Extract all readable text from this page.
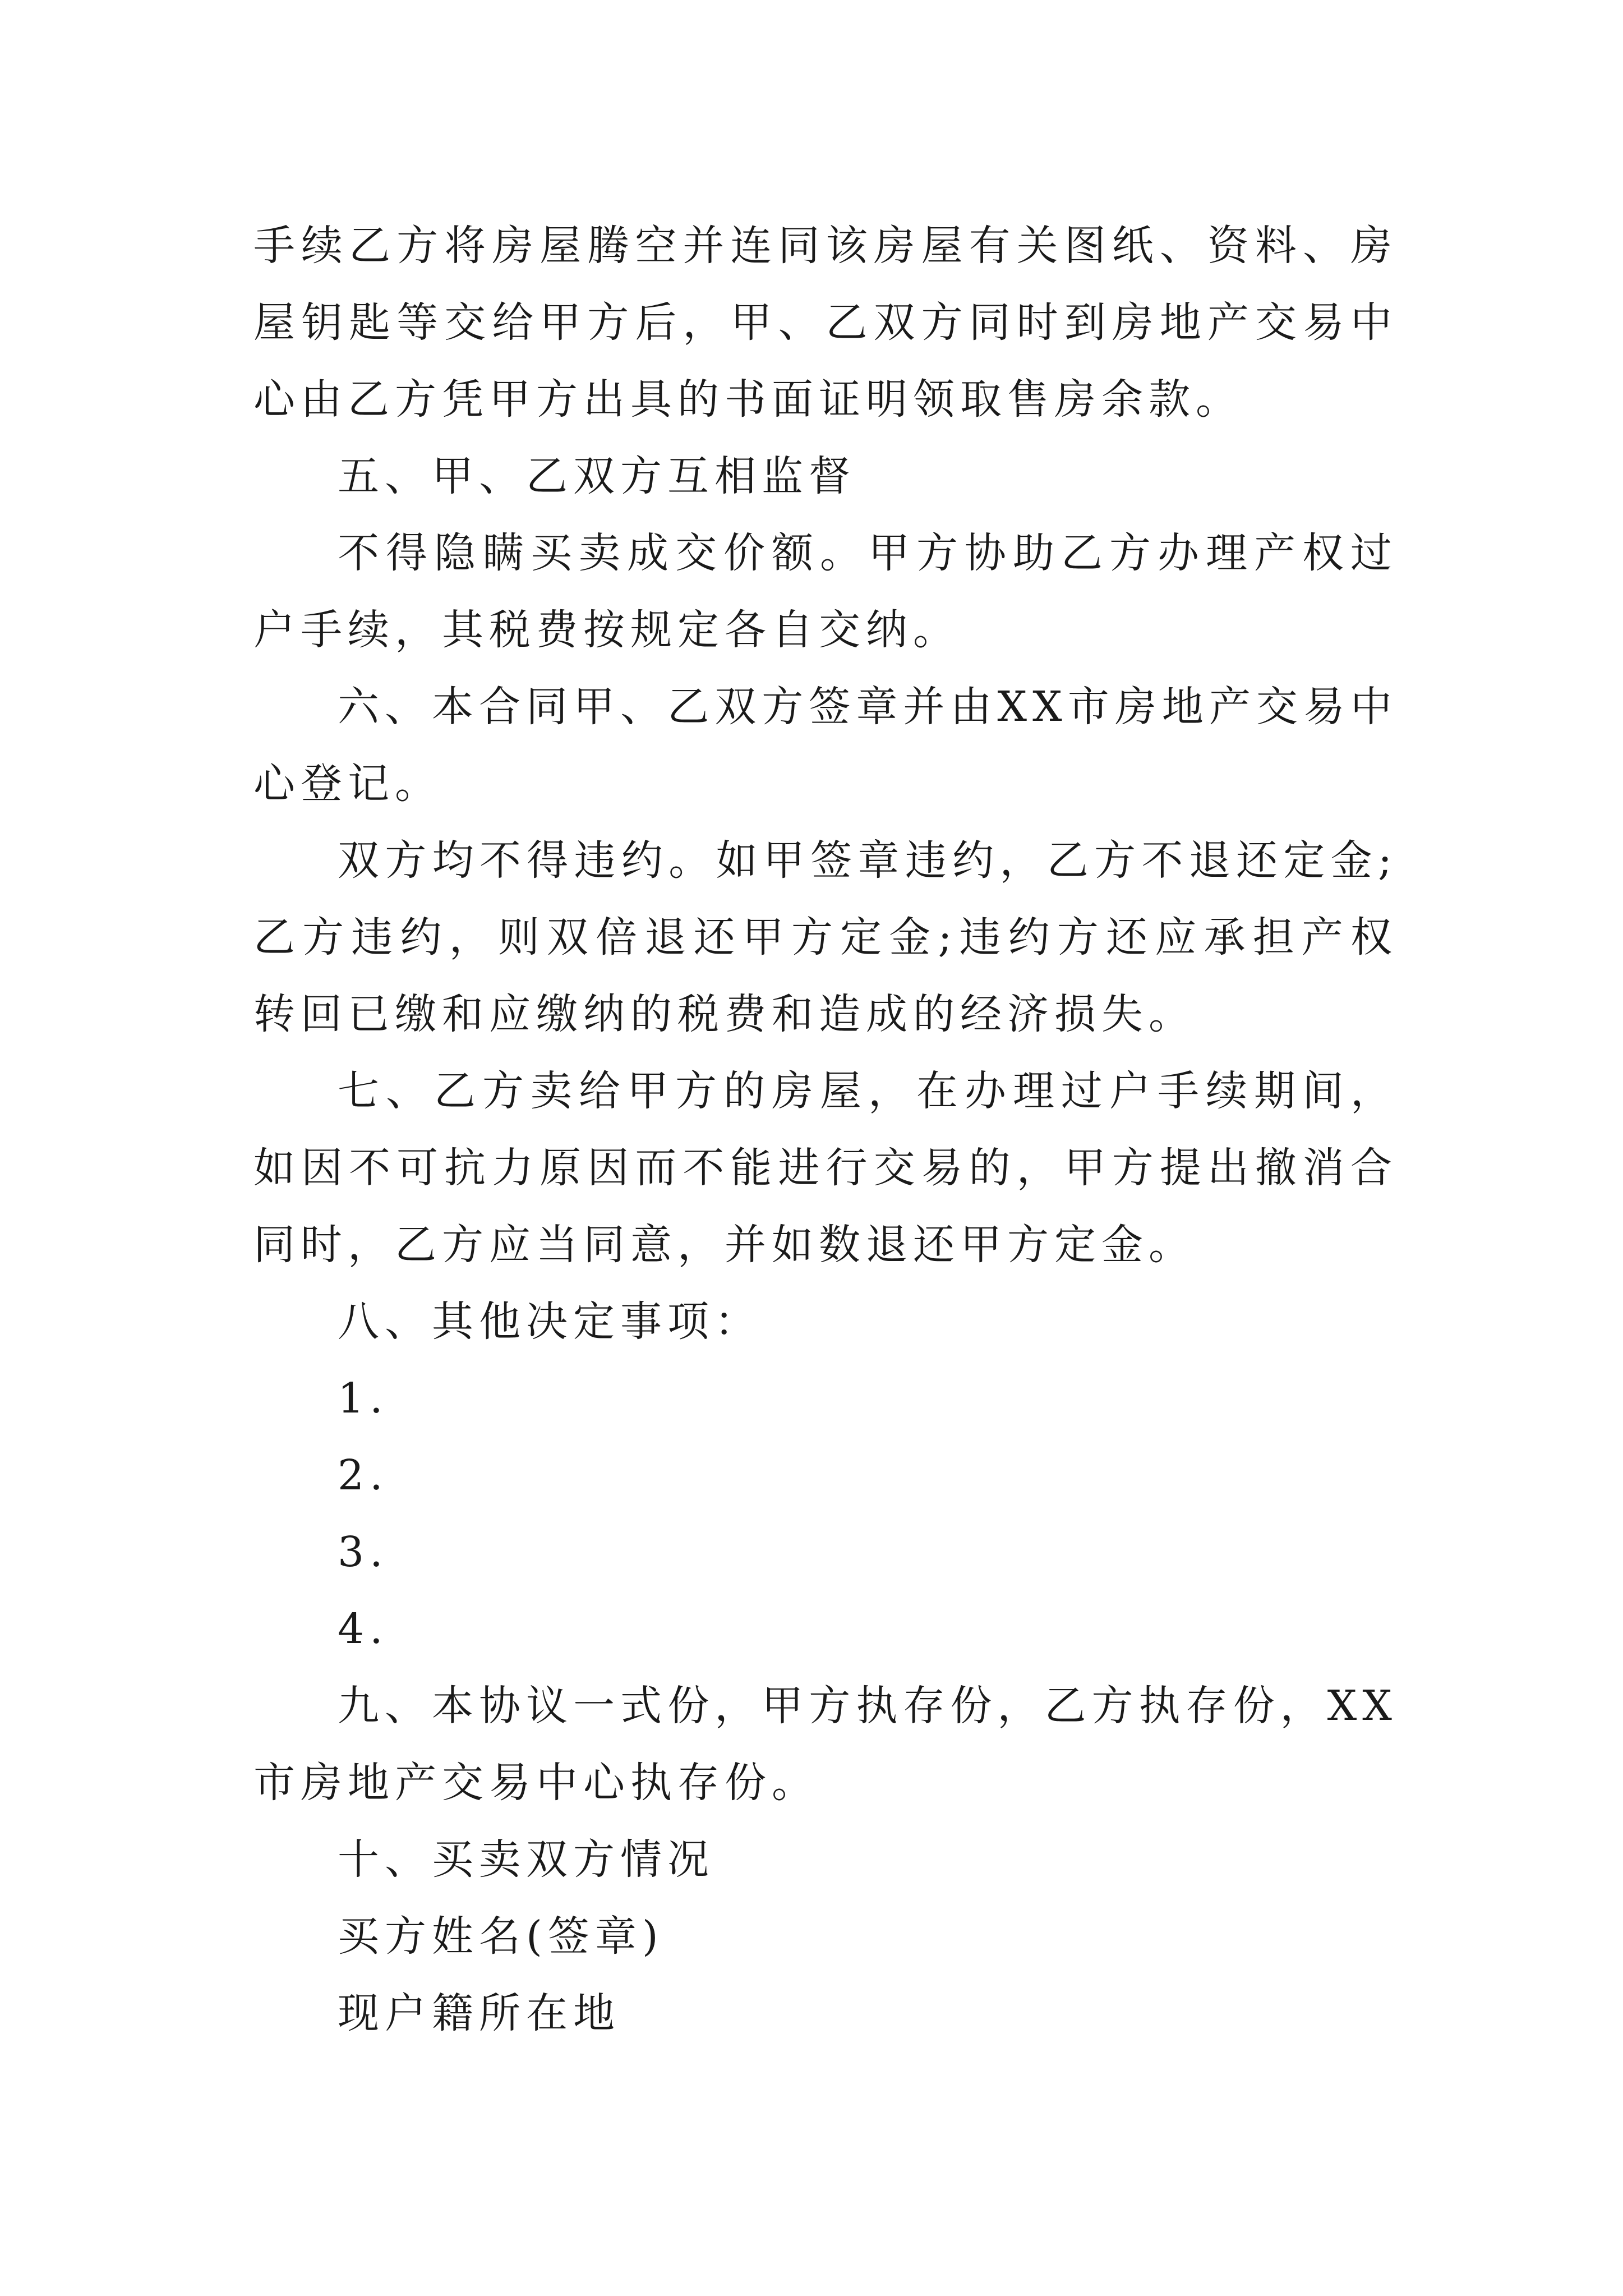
手续乙方将房屋腾空并连同该房屋有关图纸、资料、房屋钥匙等交给甲方后，甲、乙双方同时到房地产交易中心由乙方凭甲方出具的书面证明领取售房余款。

五、甲、乙双方互相监督

不得隐瞒买卖成交价额。甲方协助乙方办理产权过户手续，其税费按规定各自交纳。

六、本合同甲、乙双方签章并由XX市房地产交易中心登记。

双方均不得违约。如甲签章违约，乙方不退还定金;乙方违约，则双倍退还甲方定金;违约方还应承担产权转回已缴和应缴纳的税费和造成的经济损失。

七、乙方卖给甲方的房屋，在办理过户手续期间，如因不可抗力原因而不能进行交易的，甲方提出撤消合同时，乙方应当同意，并如数退还甲方定金。

八、其他决定事项：

1.

2.

3.

4.

九、本协议一式份，甲方执存份，乙方执存份，XX市房地产交易中心执存份。

十、买卖双方情况

买方姓名(签章)

现户籍所在地
